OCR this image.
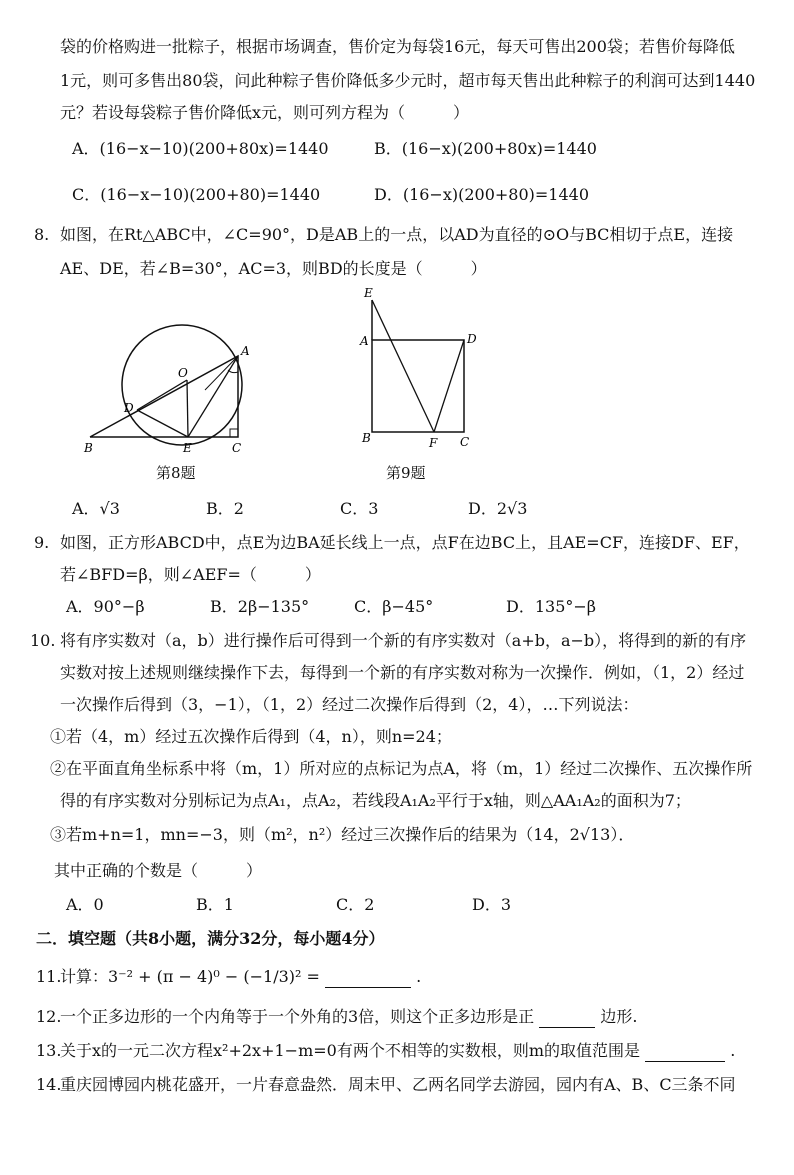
袋的价格购进一批粽子，根据市场调查，售价定为每袋16元，每天可售出200袋；若售价每降低
1元，则可多售出80袋，问此种粽子售价降低多少元时，超市每天售出此种粽子的利润可达到1440
元？若设每袋粽子售价降低x元，则可列方程为（　　　）
A．(16−x−10)(200+80x)=1440	B．(16−x)(200+80x)=1440
C．(16−x−10)(200+80)=1440	D．(16−x)(200+80)=1440
8. 如图，在Rt△ABC中，∠C=90°，D是AB上的一点，以AD为直径的⊙O与BC相切于点E，连接
AE、DE，若∠B=30°，AC=3，则BD的长度是（　　　）
A
O
D
B	E	C
第8题
E
A	D
B	F C
第9题
A．√3	B．2	C．3	D．2√3
9. 如图，正方形ABCD中，点E为边BA延长线上一点，点F在边BC上，且AE=CF，连接DF、EF，
若∠BFD=β，则∠AEF=（　　　）
A．90°−β	B．2β−135°	C．β−45°	D．135°−β
10. 将有序实数对（a，b）进行操作后可得到一个新的有序实数对（a+b，a−b），将得到的新的有序
实数对按上述规则继续操作下去，每得到一个新的有序实数对称为一次操作．例如，（1，2）经过
一次操作后得到（3，−1），（1，2）经过二次操作后得到（2，4），…下列说法：
①若（4，m）经过五次操作后得到（4，n），则n=24；
②在平面直角坐标系中将（m，1）所对应的点标记为点A，将（m，1）经过二次操作、五次操作所
得的有序实数对分别标记为点A₁，点A₂，若线段A₁A₂平行于x轴，则△AA₁A₂的面积为7；
③若m+n=1，mn=−3，则（m²，n²）经过三次操作后的结果为（14，2√13）．
其中正确的个数是（　　　）
A．0	B．1	C．2	D．3
二．填空题（共8小题，满分32分，每小题4分）
11.
计算：3⁻² + (π − 4)⁰ − (−1/3)² =	.
12.
一个正多边形的一个内角等于一个外角的3倍，则这个正多边形是正	边形.
13.
关于x的一元二次方程x²+2x+1−m=0有两个不相等的实数根，则m的取值范围是	.
14.
重庆园博园内桃花盛开，一片春意盎然．周末甲、乙两名同学去游园，园内有A、B、C三条不同
